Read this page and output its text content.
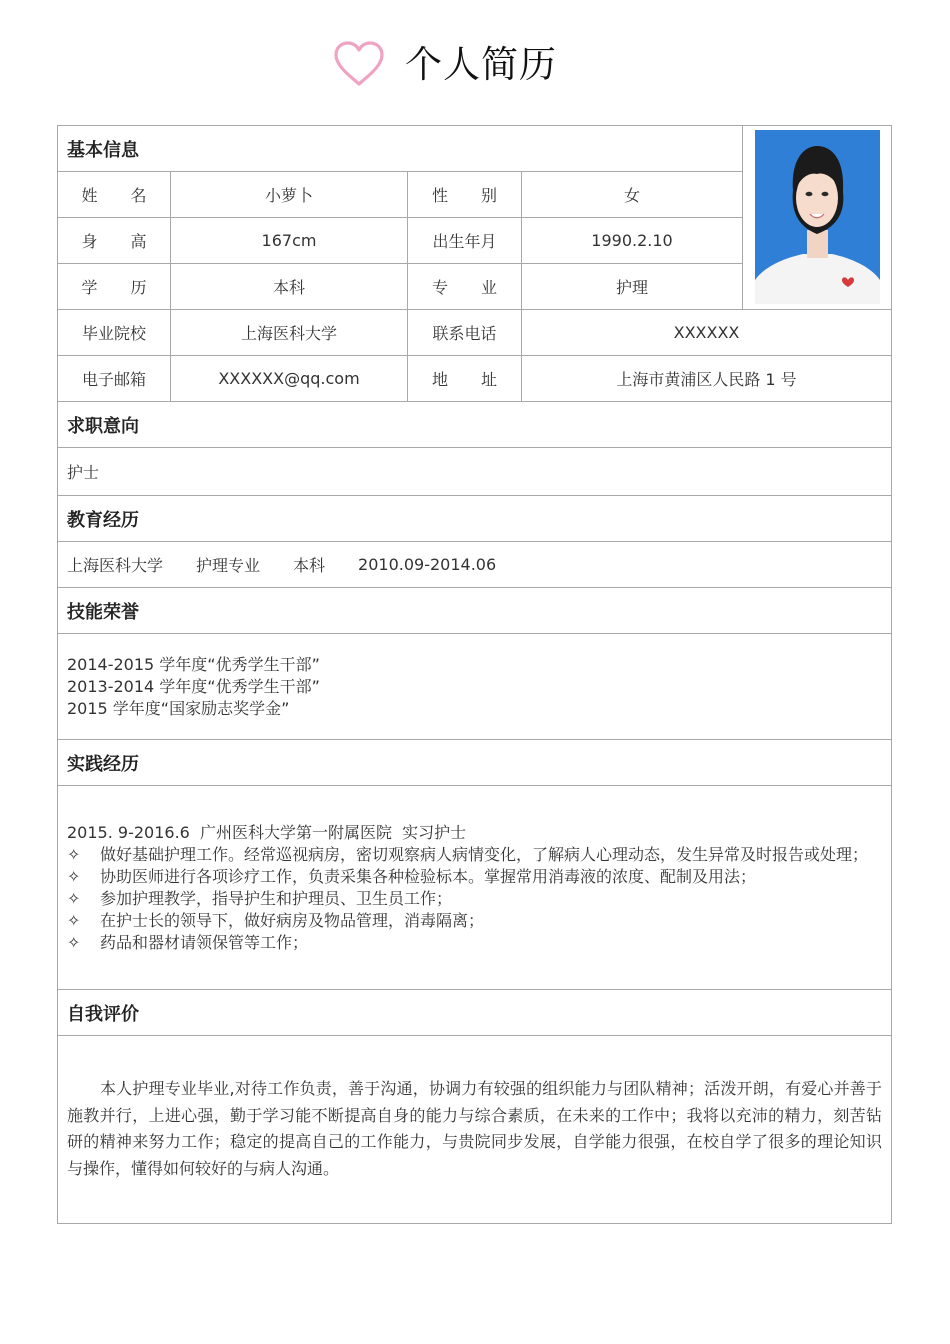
个人简历
基本信息
姓 名	小萝卜	性 别	女
身 高	167cm	出生年月	1990.2.10
学 历	本科	专 业	护理
毕业院校	上海医科大学	联系电话	XXXXXX
电子邮箱	XXXXXX@qq.com	地 址	上海市黄浦区人民路 1 号
求职意向
护士
教育经历
上海医科大学 护理专业 本科 2010.09-2014.06
技能荣誉
2014-2015 学年度“优秀学生干部”
2013-2014 学年度“优秀学生干部”
2015 学年度“国家励志奖学金”
实践经历
2015. 9-2016.6  广州医科大学第一附属医院  实习护士
✧	做好基础护理工作。经常巡视病房，密切观察病人病情变化，了解病人心理动态，发生异常及时报告或处理；
✧	协助医师进行各项诊疗工作，负责采集各种检验标本。掌握常用消毒液的浓度、配制及用法；
✧	参加护理教学，指导护生和护理员、卫生员工作；
✧	在护士长的领导下，做好病房及物品管理，消毒隔离；
✧	药品和器材请领保管等工作；
自我评价

本人护理专业毕业,对待工作负责，善于沟通，协调力有较强的组织能力与团队精神；活泼开朗，有爱心并善于施教并行，上进心强，勤于学习能不断提高自身的能力与综合素质，在未来的工作中；我将以充沛的精力，刻苦钻研的精神来努力工作；稳定的提高自己的工作能力，与贵院同步发展，自学能力很强，在校自学了很多的理论知识与操作，懂得如何较好的与病人沟通。
